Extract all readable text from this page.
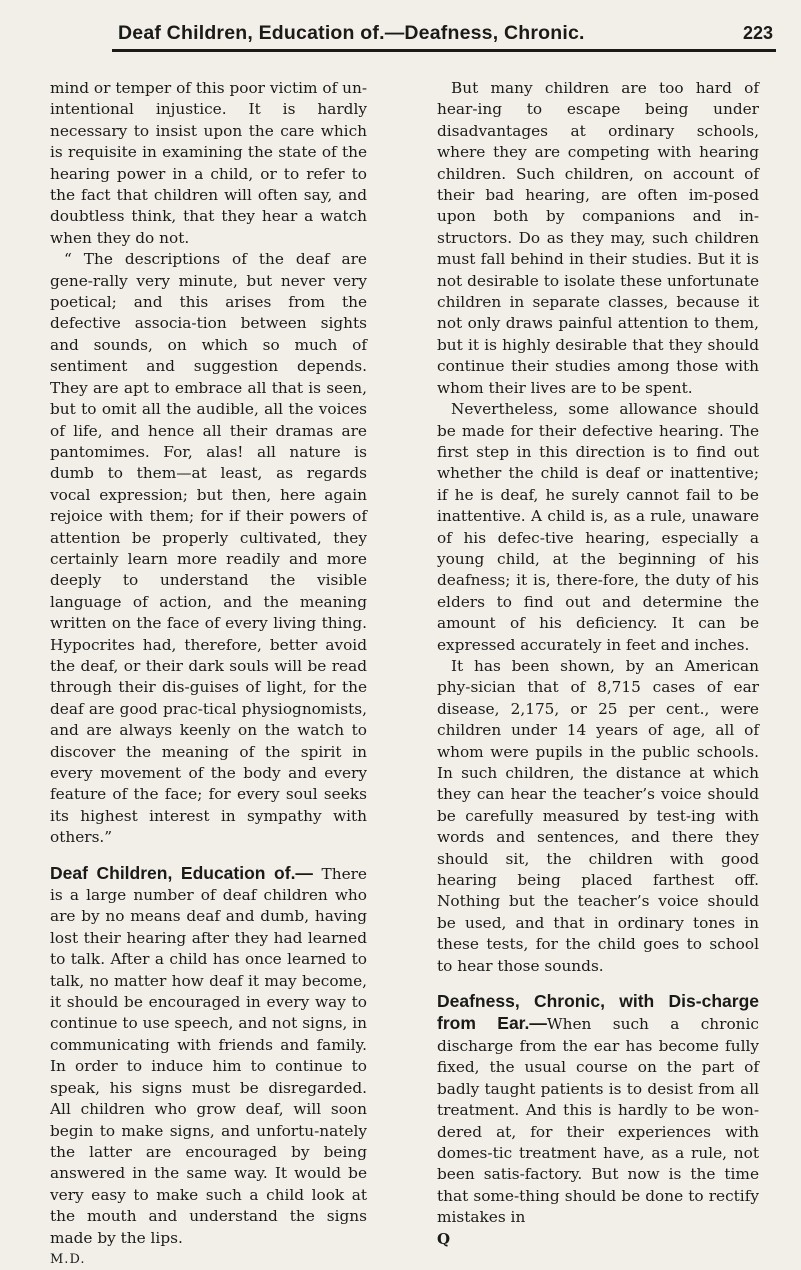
Deaf Children, Education of.—Deafness, Chronic.	223

mind or temper of this poor victim of un-intentional injustice. It is hardly necessary to insist upon the care which is requisite in examining the state of the hearing power in a child, or to refer to the fact that children will often say, and doubtless think, that they hear a watch when they do not.

“ The descriptions of the deaf are gene-rally very minute, but never very poetical; and this arises from the defective associa-tion between sights and sounds, on which so much of sentiment and suggestion depends. They are apt to embrace all that is seen, but to omit all the audible, all the voices of life, and hence all their dramas are pantomimes. For, alas! all nature is dumb to them—at least, as regards vocal expression; but then, here again rejoice with them; for if their powers of attention be properly cultivated, they certainly learn more readily and more deeply to understand the visible language of action, and the meaning written on the face of every living thing. Hypocrites had, therefore, better avoid the deaf, or their dark souls will be read through their dis-guises of light, for the deaf are good prac-tical physiognomists, and are always keenly on the watch to discover the meaning of the spirit in every movement of the body and every feature of the face; for every soul seeks its highest interest in sympathy with others.”

Deaf Children, Education of.— There is a large number of deaf children who are by no means deaf and dumb, having lost their hearing after they had learned to talk. After a child has once learned to talk, no matter how deaf it may become, it should be encouraged in every way to continue to use speech, and not signs, in communicating with friends and family. In order to induce him to continue to speak, his signs must be disregarded. All children who grow deaf, will soon begin to make signs, and unfortu-nately the latter are encouraged by being answered in the same way. It would be very easy to make such a child look at the mouth and understand the signs made by the lips.

M.D.

But many children are too hard of hear-ing to escape being under disadvantages at ordinary schools, where they are competing with hearing children. Such children, on account of their bad hearing, are often im-posed upon both by companions and in-structors. Do as they may, such children must fall behind in their studies. But it is not desirable to isolate these unfortunate children in separate classes, because it not only draws painful attention to them, but it is highly desirable that they should continue their studies among those with whom their lives are to be spent.

Nevertheless, some allowance should be made for their defective hearing. The first step in this direction is to find out whether the child is deaf or inattentive; if he is deaf, he surely cannot fail to be inattentive. A child is, as a rule, unaware of his defec-tive hearing, especially a young child, at the beginning of his deafness; it is, there-fore, the duty of his elders to find out and determine the amount of his deficiency. It can be expressed accurately in feet and inches.

It has been shown, by an American phy-sician that of 8,715 cases of ear disease, 2,175, or 25 per cent., were children under 14 years of age, all of whom were pupils in the public schools. In such children, the distance at which they can hear the teacher’s voice should be carefully measured by test-ing with words and sentences, and there they should sit, the children with good hearing being placed farthest off. Nothing but the teacher’s voice should be used, and that in ordinary tones in these tests, for the child goes to school to hear those sounds.

Deafness, Chronic, with Dis-charge from Ear.—When such a chronic discharge from the ear has become fully fixed, the usual course on the part of badly taught patients is to desist from all treatment. And this is hardly to be won-dered at, for their experiences with domes-tic treatment have, as a rule, not been satis-factory. But now is the time that some-thing should be done to rectify mistakes in

Q
